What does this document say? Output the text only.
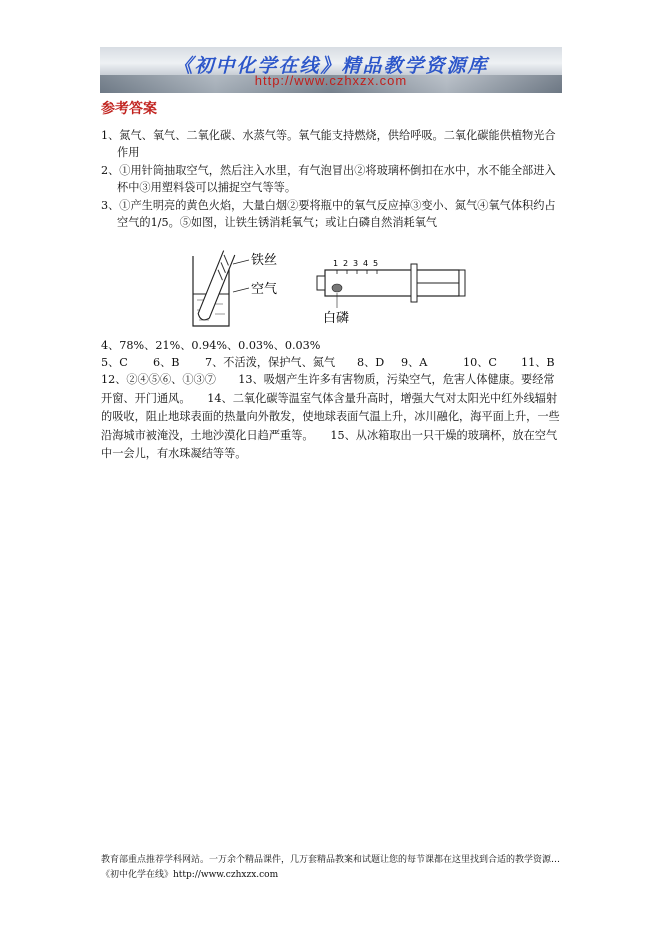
《初中化学在线》精品教学资源库
http://www.czhxzx.com
参考答案
1、氮气、氧气、二氧化碳、水蒸气等。氧气能支持燃烧，供给呼吸。二氧化碳能供植物光合作用
2、①用针筒抽取空气，然后注入水里，有气泡冒出②将玻璃杯倒扣在水中，水不能全部进入杯中③用塑料袋可以捕捉空气等等。
3、①产生明亮的黄色火焰，大量白烟②要将瓶中的氧气反应掉③变小、氮气④氧气体积约占空气的1/5。⑤如图，让铁生锈消耗氧气；或让白磷自然消耗氧气
铁丝
空气
1 2 3 4 5
白磷
4、78%、21%、0.94%、0.03%、0.03%
5、C 6、B 7、不活泼，保护气、氮气 8、D 9、A	10、C 11、B
12、②④⑤⑥、①③⑦　　13、吸烟产生许多有害物质，污染空气，危害人体健康。要经常开窗、开门通风。　　14、二氧化碳等温室气体含量升高时，增强大气对太阳光中红外线辐射的吸收，阻止地球表面的热量向外散发，使地球表面气温上升，冰川融化，海平面上升，一些沿海城市被淹没，土地沙漠化日趋严重等。　　15、从冰箱取出一只干燥的玻璃杯，放在空气中一会儿，有水珠凝结等等。
教育部重点推荐学科网站。一万余个精品课件，几万套精品教案和试题让您的每节课都在这里找到合适的教学资源…《初中化学在线》http://www.czhxzx.com
